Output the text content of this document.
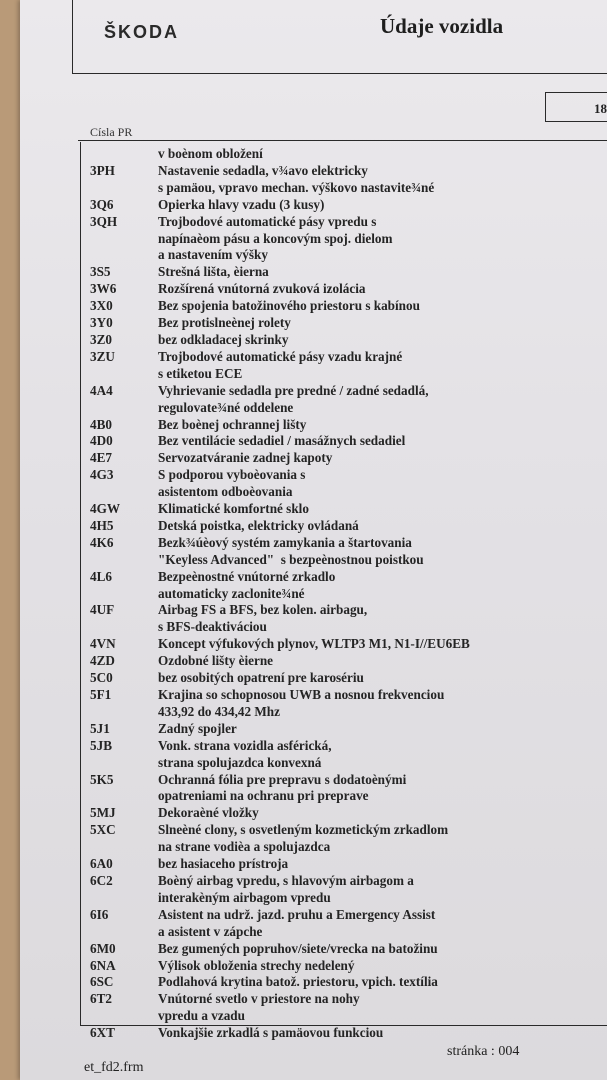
ŠKODA	Údaje vozidla
18
Císla PR
v boènom obložení
3PH	Nastavenie sedadla, v¾avo elektricky
s pamäou, vpravo mechan. výškovo nastavite¾né
3Q6	Opierka hlavy vzadu (3 kusy)
3QH	Trojbodové automatické pásy vpredu s
napínaèom pásu a koncovým spoj. dielom
a nastavením výšky
3S5	Strešná lišta, èierna
3W6	Rozšírená vnútorná zvuková izolácia
3X0	Bez spojenia batožinového priestoru s kabínou
3Y0	Bez protislneènej rolety
3Z0	bez odkladacej skrinky
3ZU	Trojbodové automatické pásy vzadu krajné
s etiketou ECE
4A4	Vyhrievanie sedadla pre predné / zadné sedadlá,
regulovate¾né oddelene
4B0	Bez boènej ochrannej lišty
4D0	Bez ventilácie sedadiel / masážnych sedadiel
4E7	Servozatváranie zadnej kapoty
4G3	S podporou vyboèovania s
asistentom odboèovania
4GW	Klimatické komfortné sklo
4H5	Detská poistka, elektricky ovládaná
4K6	Bezk¾úèový systém zamykania a štartovania
"Keyless Advanced"  s bezpeènostnou poistkou
4L6	Bezpeènostné vnútorné zrkadlo
automaticky zaclonite¾né
4UF	Airbag FS a BFS, bez kolen. airbagu,
s BFS-deaktiváciou
4VN	Koncept výfukových plynov, WLTP3 M1, N1-I//EU6EB
4ZD	Ozdobné lišty èierne
5C0	bez osobitých opatrení pre karosériu
5F1	Krajina so schopnosou UWB a nosnou frekvenciou
433,92 do 434,42 Mhz
5J1	Zadný spojler
5JB	Vonk. strana vozidla asférická,
strana spolujazdca konvexná
5K5	Ochranná fólia pre prepravu s dodatoènými
opatreniami na ochranu pri preprave
5MJ	Dekoraèné vložky
5XC	Slneèné clony, s osvetleným kozmetickým zrkadlom
na strane vodièa a spolujazdca
6A0	bez hasiaceho prístroja
6C2	Boèný airbag vpredu, s hlavovým airbagom a
interakèným airbagom vpredu
6I6	Asistent na udrž. jazd. pruhu a Emergency Assist
a asistent v zápche
6M0	Bez gumených popruhov/siete/vrecka na batožinu
6NA	Výlisok obloženia strechy nedelený
6SC	Podlahová krytina batož. priestoru, vpich. textília
6T2	Vnútorné svetlo v priestore na nohy
vpredu a vzadu
6XT	Vonkajšie zrkadlá s pamäovou funkciou
stránka : 004
et_fd2.frm
